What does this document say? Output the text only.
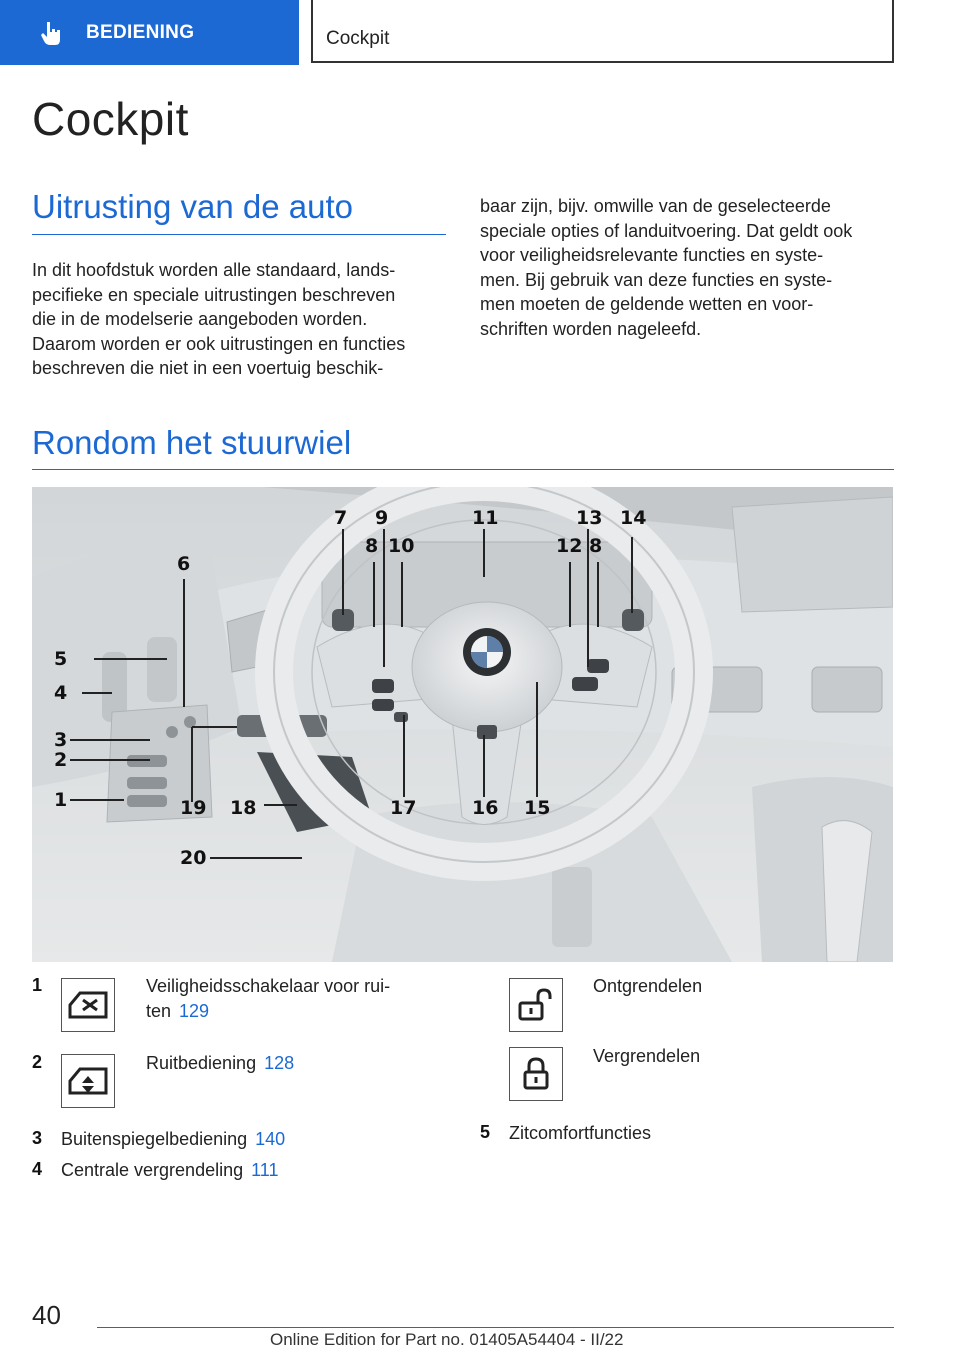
BEDIENING	Cockpit
Cockpit
Uitrusting van de auto
In dit hoofdstuk worden alle standaard, lands-
pecifieke en speciale uitrustingen beschreven
die in de modelserie aangeboden worden.
Daarom worden er ook uitrustingen en functies
beschreven die niet in een voertuig beschik-
baar zijn, bijv. omwille van de geselecteerde
speciale opties of landuitvoering. Dat geldt ook
voor veiligheidsrelevante functies en syste-
men. Bij gebruik van deze functies en syste-
men moeten de geldende wetten en voor-
schriften worden nageleefd.
Rondom het stuurwiel
7 9	11	13 14
8 10	12 8
6
5
4
3
2
1	19 18	17	16 15
20
1	Veiligheidsschakelaar voor rui-
ten 129
2	Ruitbediening 128
3 Buitenspiegelbediening 140
4 Centrale vergrendeling 111
Ontgrendelen
Vergrendelen
5 Zitcomfortfuncties
40
Online Edition for Part no. 01405A54404 - II/22
